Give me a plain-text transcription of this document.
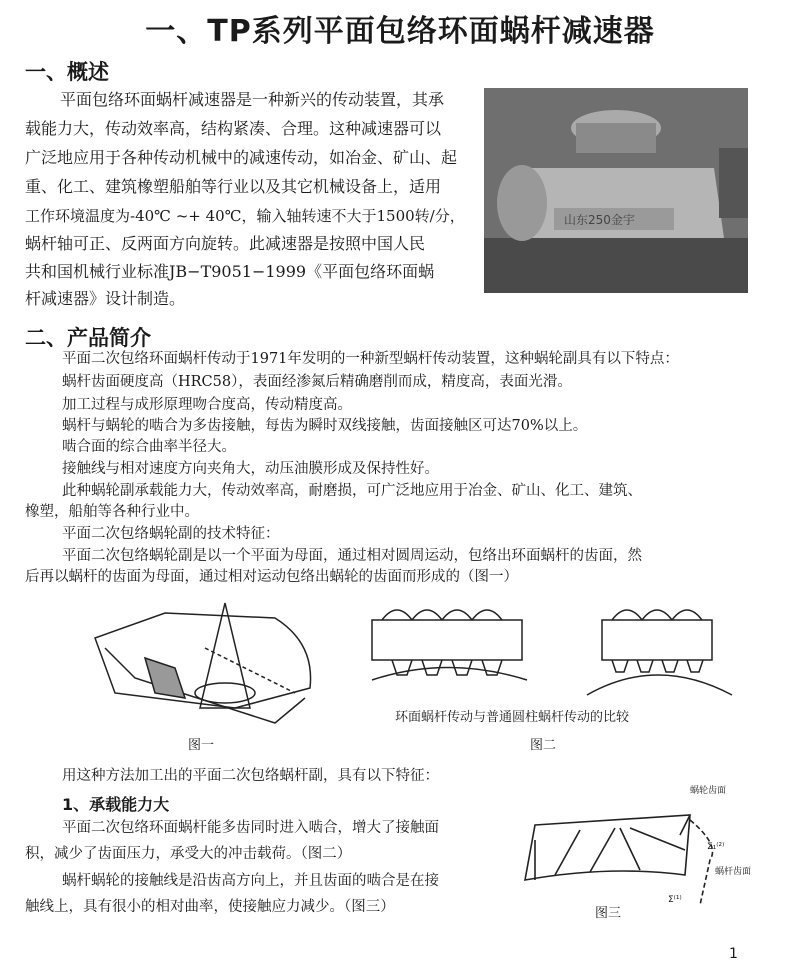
一、TP系列平面包络环面蜗杆减速器
一、概述
平面包络环面蜗杆减速器是一种新兴的传动装置，其承
载能力大，传动效率高，结构紧凑、合理。这种减速器可以
广泛地应用于各种传动机械中的减速传动，如冶金、矿山、起
重、化工、建筑橡塑船舶等行业以及其它机械设备上，适用
工作环境温度为-40℃ ~+ 40℃，输入轴转速不大于1500转/分，
蜗杆轴可正、反两面方向旋转。此减速器是按照中国人民
共和国机械行业标准JB−T9051−1999《平面包络环面蜗
杆减速器》设计制造。
山东250金宇
二、产品简介
平面二次包络环面蜗杆传动于1971年发明的一种新型蜗杆传动装置，这种蜗轮副具有以下特点：
蜗杆齿面硬度高（HRC58），表面经渗氮后精确磨削而成，精度高，表面光滑。
加工过程与成形原理吻合度高，传动精度高。
蜗杆与蜗轮的啮合为多齿接触，每齿为瞬时双线接触，齿面接触区可达70%以上。
啮合面的综合曲率半径大。
接触线与相对速度方向夹角大，动压油膜形成及保持性好。
此种蜗轮副承载能力大，传动效率高，耐磨损，可广泛地应用于冶金、矿山、化工、建筑、
橡塑，船舶等各种行业中。
平面二次包络蜗轮副的技术特征：
平面二次包络蜗轮副是以一个平面为母面，通过相对圆周运动，包络出环面蜗杆的齿面，然
后再以蜗杆的齿面为母面，通过相对运动包络出蜗轮的齿面而形成的（图一）
环面蜗杆传动与普通圆柱蜗杆传动的比较
图一	图二
用这种方法加工出的平面二次包络蜗杆副，具有以下特征：
1、承载能力大
平面二次包络环面蜗杆能多齿同时进入啮合，增大了接触面
积，减少了齿面压力，承受大的冲击载荷。（图二）
蜗杆蜗轮的接触线是沿齿高方向上，并且齿面的啮合是在接
触线上，具有很小的相对曲率，使接触应力减少。（图三）
蜗轮齿面
蜗杆齿面
Σ₁⁽²⁾
Σ⁽¹⁾
图三
1
